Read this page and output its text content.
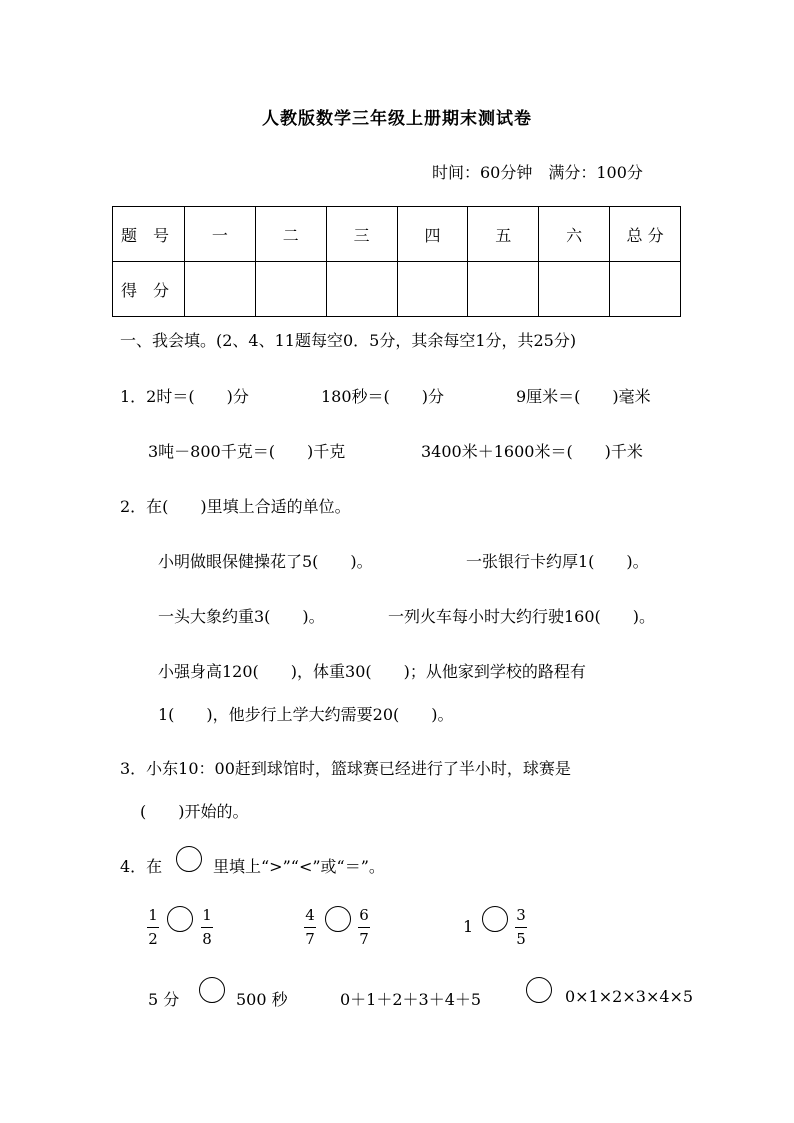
人教版数学三年级上册期末测试卷
时间：60分钟　满分：100分
题　号	一	二	三	四	五	六	总 分
得　分							
一、我会填。(2、4、11题每空0．5分，其余每空1分，共25分)
1．2时＝(　　)分	180秒＝(　　)分	9厘米＝(　　)毫米
3吨－800千克＝(　　)千克	3400米＋1600米＝(　　)千米
2．在(　　)里填上合适的单位。
小明做眼保健操花了5(　　)。	一张银行卡约厚1(　　)。
一头大象约重3(　　)。	一列火车每小时大约行驶160(　　)。
小强身高120(　　)，体重30(　　)；从他家到学校的路程有
1(　　)，他步行上学大约需要20(　　)。
3．小东10：00赶到球馆时，篮球赛已经进行了半小时，球赛是
(　　)开始的。
4．在	里填上“>”“<”或“＝”。
1
2
1
8
4
7
6
7
1
3
5
5 分	500 秒	0＋1＋2＋3＋4＋5	0×1×2×3×4×5
